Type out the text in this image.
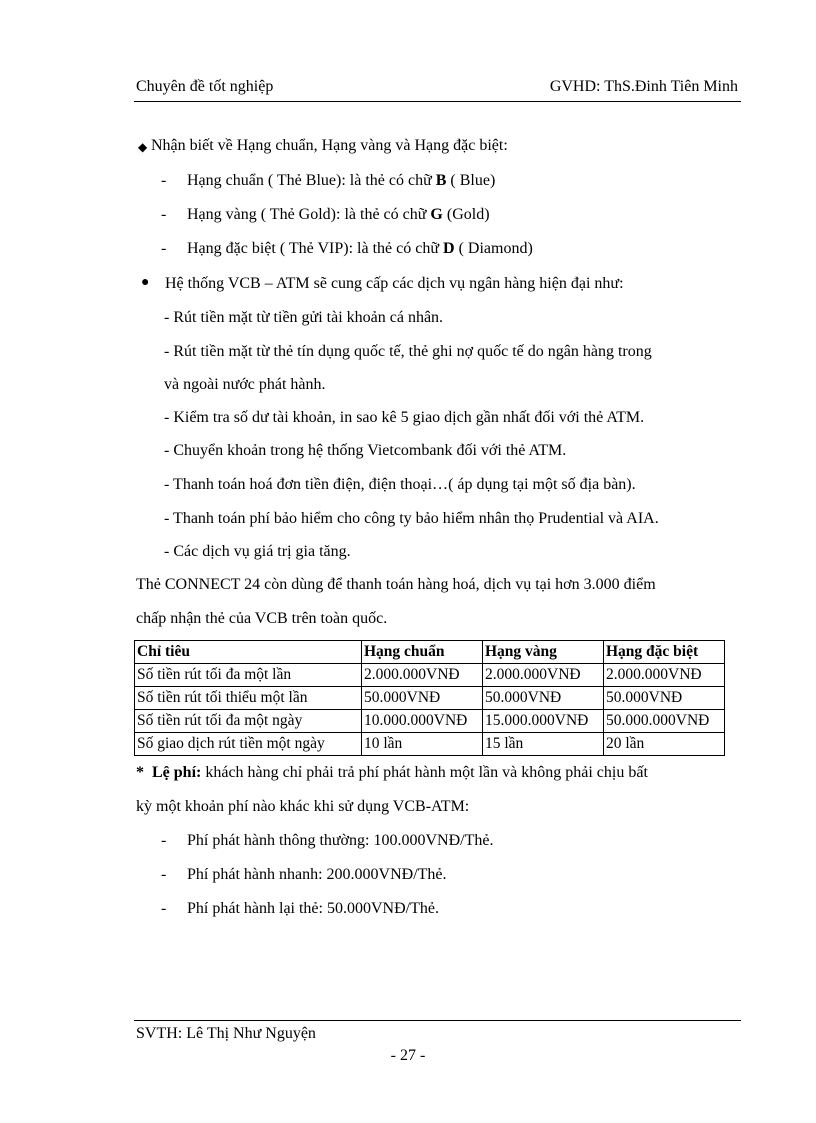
Chuyên đề tốt nghiệp	GVHD: ThS.Đinh Tiên Minh
◆ Nhận biết về Hạng chuẩn, Hạng vàng và Hạng đặc biệt:
- Hạng chuẩn ( Thẻ Blue): là thẻ có chữ B ( Blue)
- Hạng vàng ( Thẻ Gold): là thẻ có chữ G (Gold)
- Hạng đặc biệt ( Thẻ VIP): là thẻ có chữ D ( Diamond)
● Hệ thống VCB – ATM sẽ cung cấp các dịch vụ ngân hàng hiện đại như:
- Rút tiền mặt từ tiền gửi tài khoản cá nhân.
- Rút tiền mặt từ thẻ tín dụng quốc tế, thẻ ghi nợ quốc tế do ngân hàng trong
và ngoài nước phát hành.
- Kiểm tra số dư tài khoản, in sao kê 5 giao dịch gần nhất đối với thẻ ATM.
- Chuyển khoản trong hệ thống Vietcombank đối với thẻ ATM.
- Thanh toán hoá đơn tiền điện, điện thoại…( áp dụng tại một số địa bàn).
- Thanh toán phí bảo hiểm cho công ty bảo hiểm nhân thọ Prudential và AIA.
- Các dịch vụ giá trị gia tăng.
Thẻ CONNECT 24 còn dùng để thanh toán hàng hoá, dịch vụ tại hơn 3.000 điểm
chấp nhận thẻ của VCB trên toàn quốc.
Chỉ tiêu	Hạng chuẩn	Hạng vàng	Hạng đặc biệt
Số tiền rút tối đa một lần	2.000.000VNĐ	2.000.000VNĐ	2.000.000VNĐ
Số tiền rút tối thiểu một lần	50.000VNĐ	50.000VNĐ	50.000VNĐ
Số tiền rút tối đa một ngày	10.000.000VNĐ	15.000.000VNĐ	50.000.000VNĐ
Số giao dịch rút tiền một ngày	10 lần	15 lần	20 lần
* Lệ phí: khách hàng chỉ phải trả phí phát hành một lần và không phải chịu bất
kỳ một khoản phí nào khác khi sử dụng VCB-ATM:
- Phí phát hành thông thường: 100.000VNĐ/Thẻ.
- Phí phát hành nhanh: 200.000VNĐ/Thẻ.
- Phí phát hành lại thẻ: 50.000VNĐ/Thẻ.
SVTH: Lê Thị Như Nguyện
- 27 -
